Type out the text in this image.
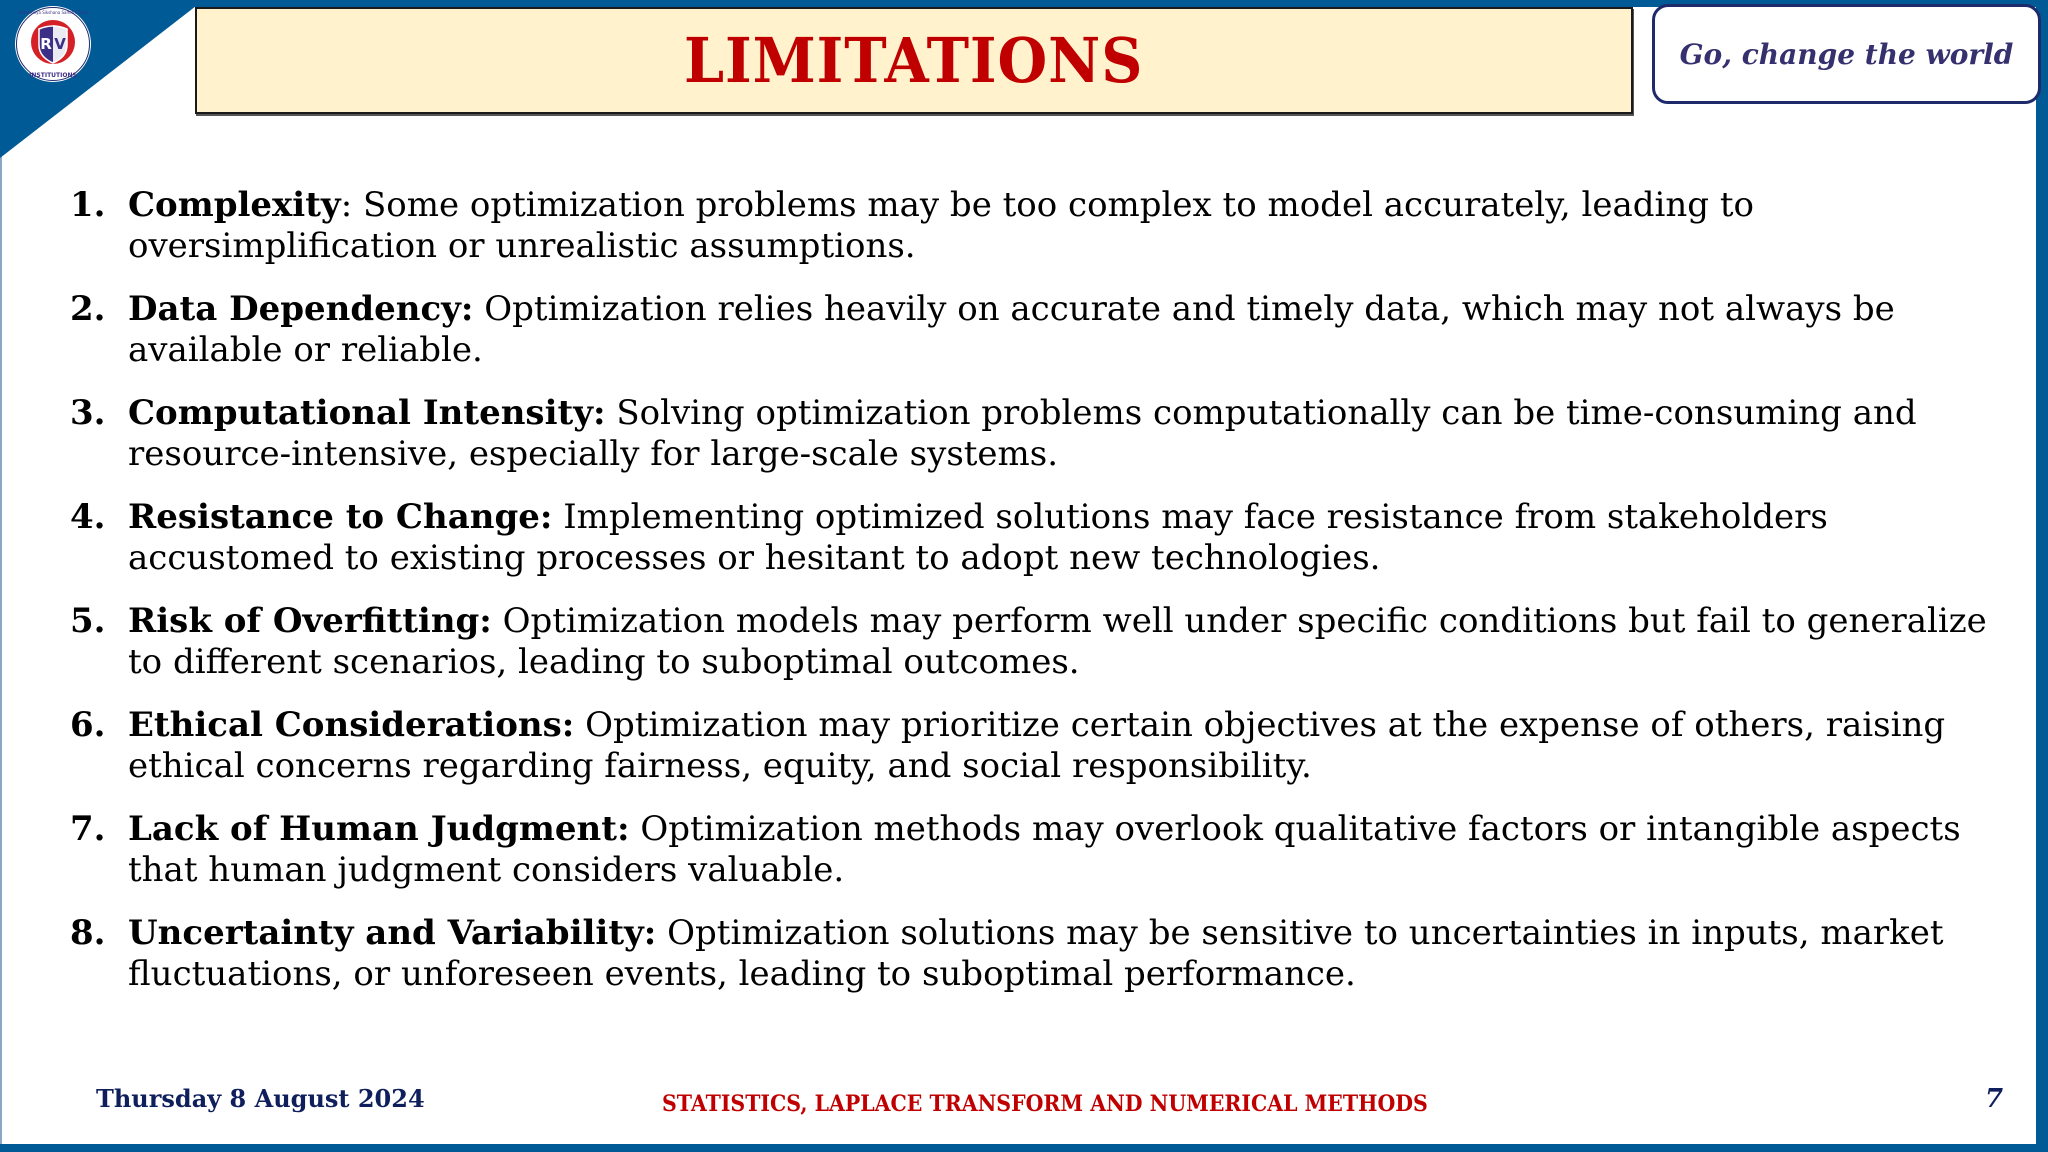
R V
INSTITUTIONS
Rashtreeya Sikshana Samithi Trust
LIMITATIONS	Go, change the world
1. Complexity: Some optimization problems may be too complex to model accurately, leading to oversimplification or unrealistic assumptions.
2. Data Dependency: Optimization relies heavily on accurate and timely data, which may not always be available or reliable.
3. Computational Intensity: Solving optimization problems computationally can be time-consuming and resource-intensive, especially for large-scale systems.
4. Resistance to Change: Implementing optimized solutions may face resistance from stakeholders accustomed to existing processes or hesitant to adopt new technologies.
5. Risk of Overfitting: Optimization models may perform well under specific conditions but fail to generalize to different scenarios, leading to suboptimal outcomes.
6. Ethical Considerations: Optimization may prioritize certain objectives at the expense of others, raising ethical concerns regarding fairness, equity, and social responsibility.
7. Lack of Human Judgment: Optimization methods may overlook qualitative factors or intangible aspects that human judgment considers valuable.
8. Uncertainty and Variability: Optimization solutions may be sensitive to uncertainties in inputs, market fluctuations, or unforeseen events, leading to suboptimal performance.
Thursday 8 August 2024	STATISTICS, LAPLACE TRANSFORM AND NUMERICAL METHODS	7
